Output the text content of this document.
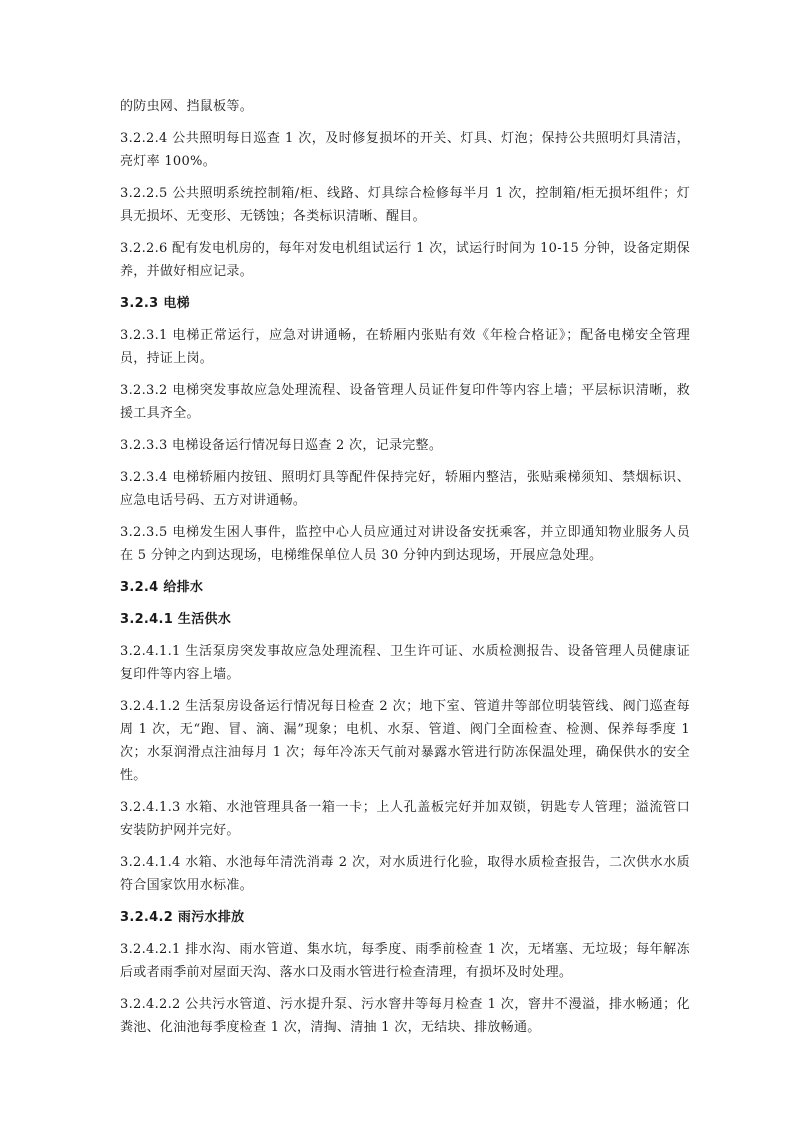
的防虫网、挡鼠板等。

3.2.2.4 公共照明每日巡查 1 次，及时修复损坏的开关、灯具、灯泡；保持公共照明灯具清洁，亮灯率 100%。

3.2.2.5 公共照明系统控制箱/柜、线路、灯具综合检修每半月 1 次，控制箱/柜无损坏组件；灯具无损坏、无变形、无锈蚀；各类标识清晰、醒目。

3.2.2.6 配有发电机房的，每年对发电机组试运行 1 次，试运行时间为 10-15 分钟，设备定期保养，并做好相应记录。

3.2.3 电梯

3.2.3.1 电梯正常运行，应急对讲通畅，在轿厢内张贴有效《年检合格证》；配备电梯安全管理员，持证上岗。

3.2.3.2 电梯突发事故应急处理流程、设备管理人员证件复印件等内容上墙；平层标识清晰，救援工具齐全。

3.2.3.3 电梯设备运行情况每日巡查 2 次，记录完整。

3.2.3.4 电梯轿厢内按钮、照明灯具等配件保持完好，轿厢内整洁，张贴乘梯须知、禁烟标识、应急电话号码、五方对讲通畅。

3.2.3.5 电梯发生困人事件，监控中心人员应通过对讲设备安抚乘客，并立即通知物业服务人员在 5 分钟之内到达现场，电梯维保单位人员 30 分钟内到达现场，开展应急处理。

3.2.4 给排水
3.2.4.1 生活供水

3.2.4.1.1 生活泵房突发事故应急处理流程、卫生许可证、水质检测报告、设备管理人员健康证复印件等内容上墙。

3.2.4.1.2 生活泵房设备运行情况每日检查 2 次；地下室、管道井等部位明装管线、阀门巡查每周 1 次，无“跑、冒、滴、漏”现象；电机、水泵、管道、阀门全面检查、检测、保养每季度 1 次；水泵润滑点注油每月 1 次；每年冷冻天气前对暴露水管进行防冻保温处理，确保供水的安全性。

3.2.4.1.3 水箱、水池管理具备一箱一卡；上人孔盖板完好并加双锁，钥匙专人管理；溢流管口安装防护网并完好。

3.2.4.1.4 水箱、水池每年清洗消毒 2 次，对水质进行化验，取得水质检查报告，二次供水水质符合国家饮用水标准。

3.2.4.2 雨污水排放

3.2.4.2.1 排水沟、雨水管道、集水坑，每季度、雨季前检查 1 次，无堵塞、无垃圾；每年解冻后或者雨季前对屋面天沟、落水口及雨水管进行检查清理，有损坏及时处理。

3.2.4.2.2 公共污水管道、污水提升泵、污水窨井等每月检查 1 次，窨井不漫溢，排水畅通；化粪池、化油池每季度检查 1 次，清掏、清抽 1 次，无结块、排放畅通。
